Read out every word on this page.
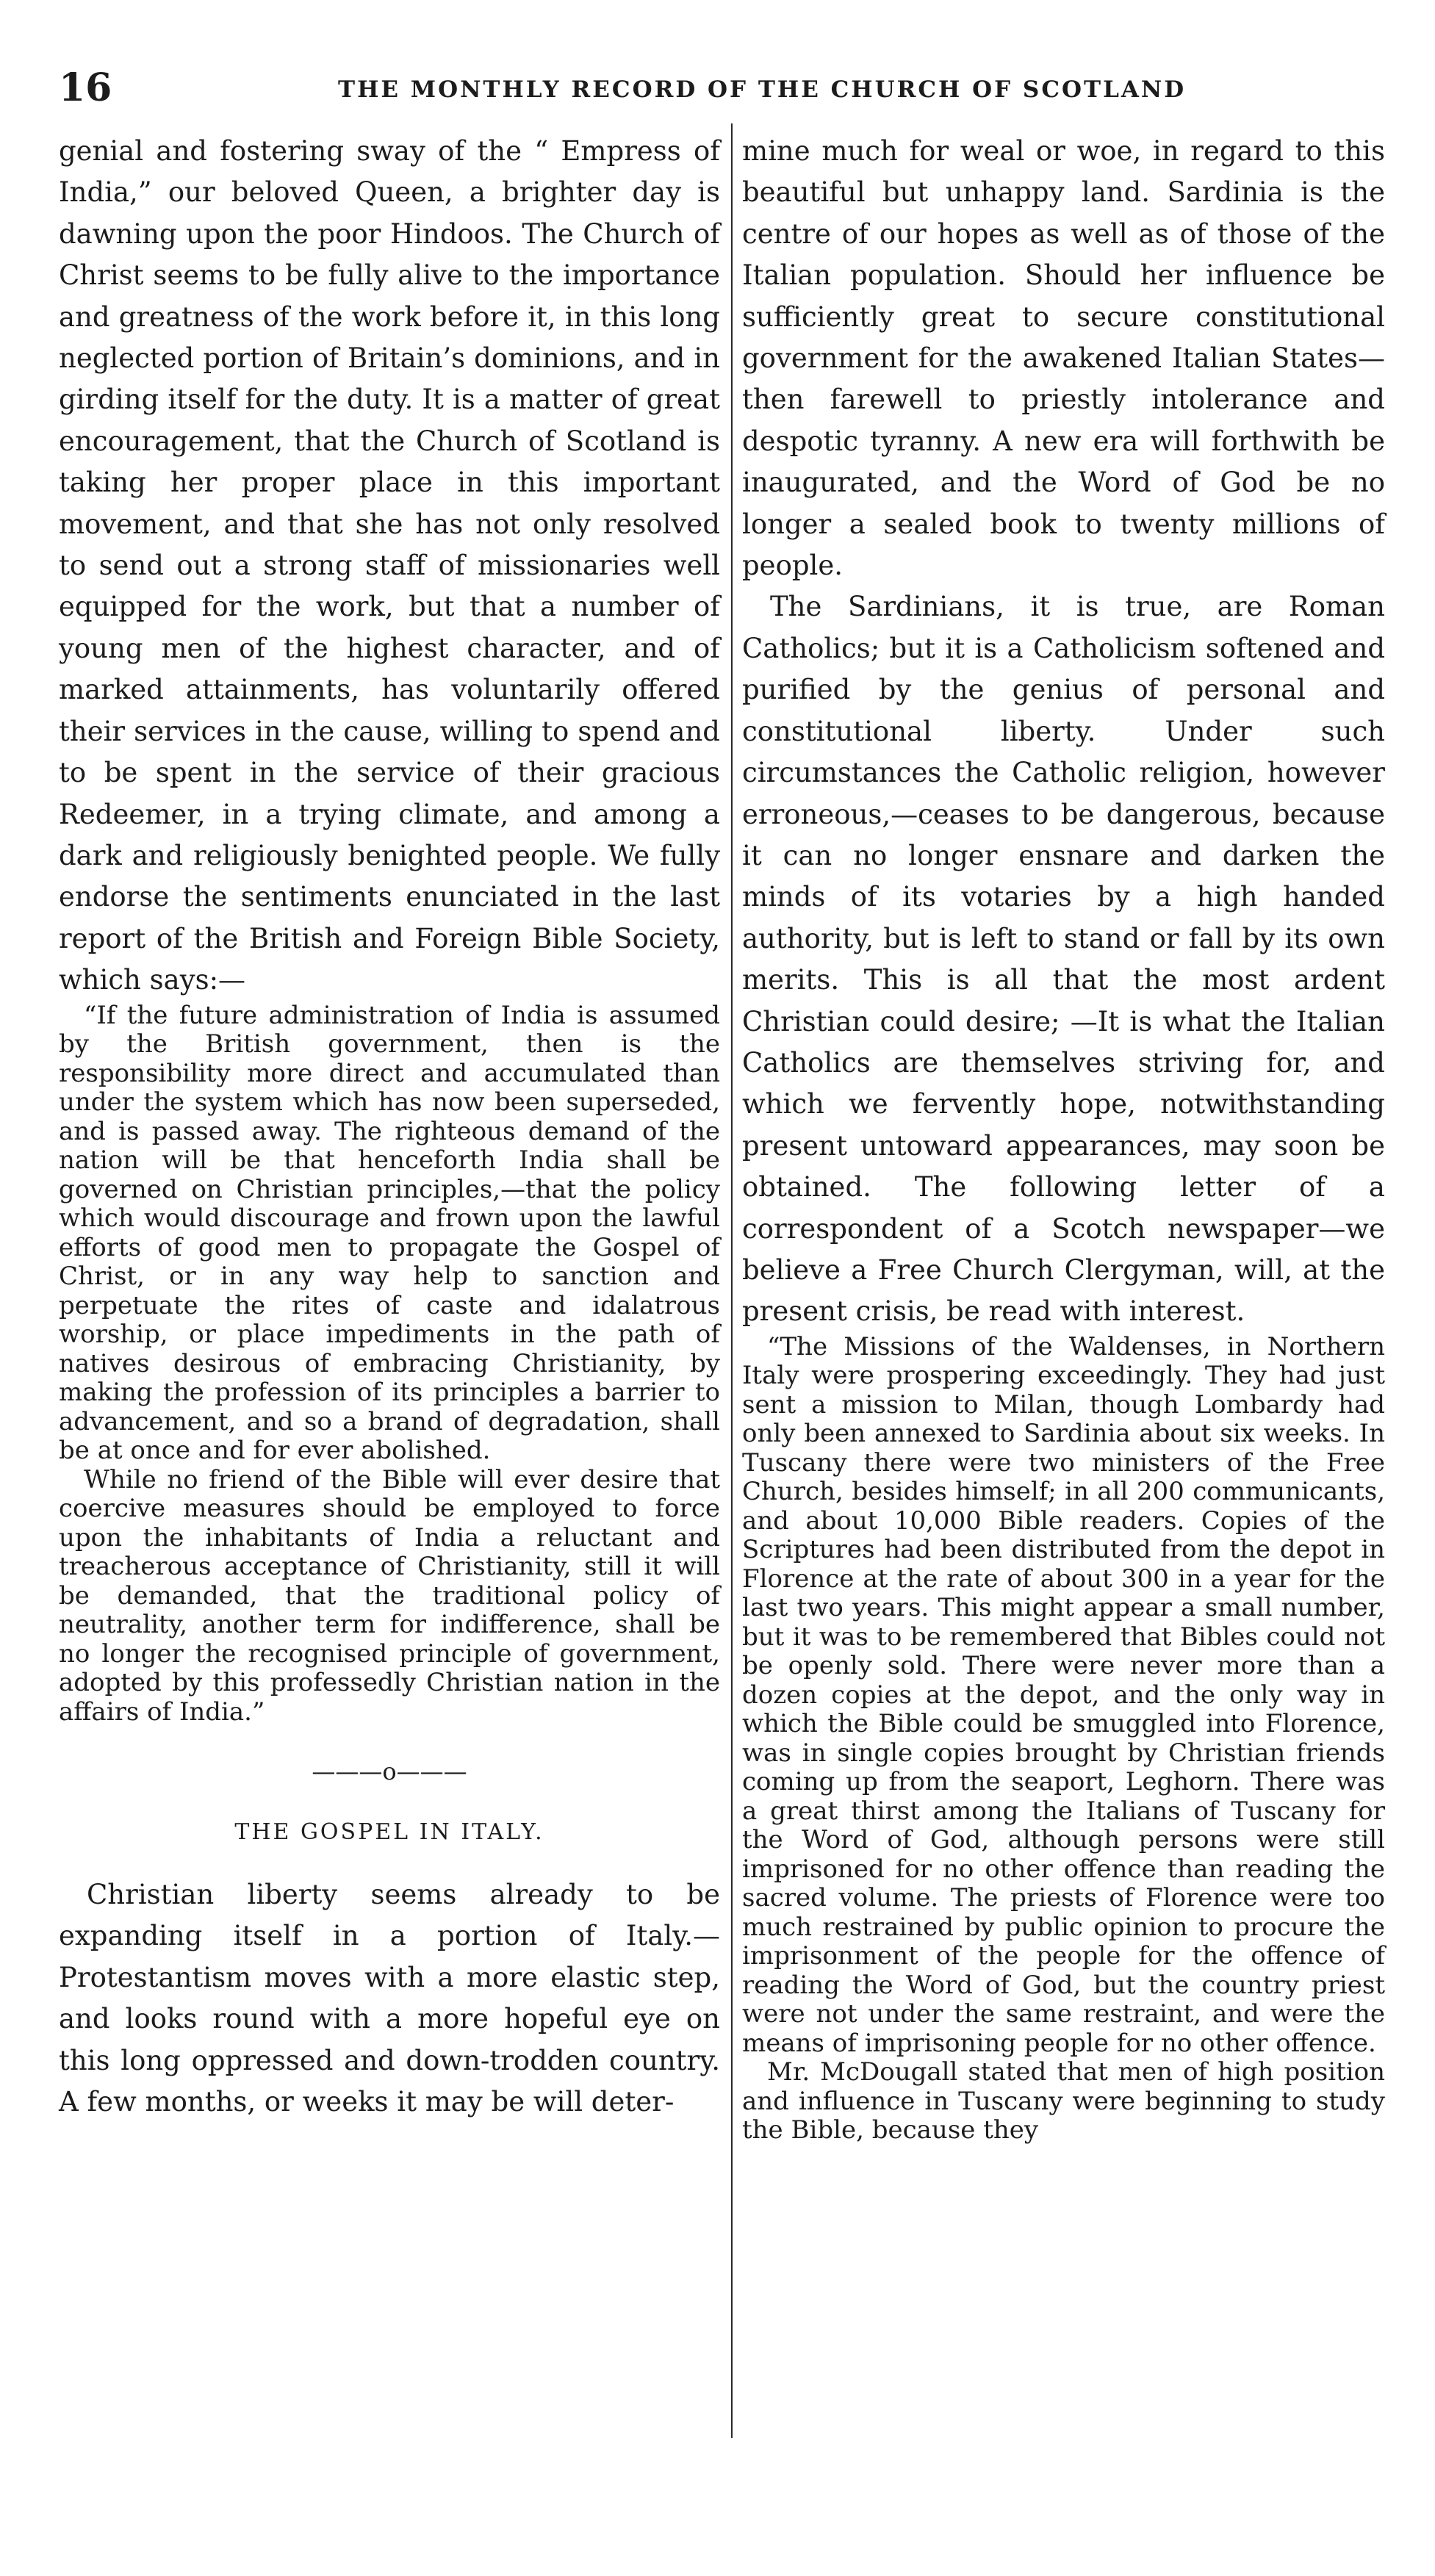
16	THE MONTHLY RECORD OF THE CHURCH OF SCOTLAND

genial and fostering sway of the “ Empress of India,” our beloved Queen, a brighter day is dawning upon the poor Hindoos. The Church of Christ seems to be fully alive to the importance and greatness of the work before it, in this long neglected portion of Britain’s dominions, and in girding itself for the duty. It is a matter of great encouragement, that the Church of Scotland is taking her proper place in this important movement, and that she has not only resolved to send out a strong staff of missionaries well equipped for the work, but that a number of young men of the highest character, and of marked attainments, has voluntarily offered their services in the cause, willing to spend and to be spent in the service of their gracious Redeemer, in a trying climate, and among a dark and religiously benighted people. We fully endorse the sentiments enunciated in the last report of the British and Foreign Bible Society, which says:—

“If the future administration of India is assumed by the British government, then is the responsibility more direct and accumulated than under the system which has now been superseded, and is passed away. The righteous demand of the nation will be that henceforth India shall be governed on Christian principles,—that the policy which would discourage and frown upon the lawful efforts of good men to propagate the Gospel of Christ, or in any way help to sanction and perpetuate the rites of caste and idalatrous worship, or place impediments in the path of natives desirous of embracing Christianity, by making the profession of its principles a barrier to advancement, and so a brand of degradation, shall be at once and for ever abolished.

While no friend of the Bible will ever desire that coercive measures should be employed to force upon the inhabitants of India a reluctant and treacherous acceptance of Christianity, still it will be demanded, that the traditional policy of neutrality, another term for indifference, shall be no longer the recognised principle of government, adopted by this professedly Christian nation in the affairs of India.”

———o———
THE GOSPEL IN ITALY.

Christian liberty seems already to be expanding itself in a portion of Italy.—Protestantism moves with a more elastic step, and looks round with a more hopeful eye on this long oppressed and down-trodden country. A few months, or weeks it may be will deter-

mine much for weal or woe, in regard to this beautiful but unhappy land. Sardinia is the centre of our hopes as well as of those of the Italian population. Should her influence be sufficiently great to secure constitutional government for the awakened Italian States—then farewell to priestly intolerance and despotic tyranny. A new era will forthwith be inaugurated, and the Word of God be no longer a sealed book to twenty millions of people.

The Sardinians, it is true, are Roman Catholics; but it is a Catholicism softened and purified by the genius of personal and constitutional liberty. Under such circumstances the Catholic religion, however erroneous,—ceases to be dangerous, because it can no longer ensnare and darken the minds of its votaries by a high handed authority, but is left to stand or fall by its own merits. This is all that the most ardent Christian could desire; —It is what the Italian Catholics are themselves striving for, and which we fervently hope, notwithstanding present untoward appearances, may soon be obtained. The following letter of a correspondent of a Scotch newspaper—we believe a Free Church Clergyman, will, at the present crisis, be read with interest.

“The Missions of the Waldenses, in Northern Italy were prospering exceedingly. They had just sent a mission to Milan, though Lombardy had only been annexed to Sardinia about six weeks. In Tuscany there were two ministers of the Free Church, besides himself; in all 200 communicants, and about 10,000 Bible readers. Copies of the Scriptures had been distributed from the depot in Florence at the rate of about 300 in a year for the last two years. This might appear a small number, but it was to be remembered that Bibles could not be openly sold. There were never more than a dozen copies at the depot, and the only way in which the Bible could be smuggled into Florence, was in single copies brought by Christian friends coming up from the seaport, Leghorn. There was a great thirst among the Italians of Tuscany for the Word of God, although persons were still imprisoned for no other offence than reading the sacred volume. The priests of Florence were too much restrained by public opinion to procure the imprisonment of the people for the offence of reading the Word of God, but the country priest were not under the same restraint, and were the means of imprisoning people for no other offence.

Mr. McDougall stated that men of high position and influence in Tuscany were beginning to study the Bible, because they
